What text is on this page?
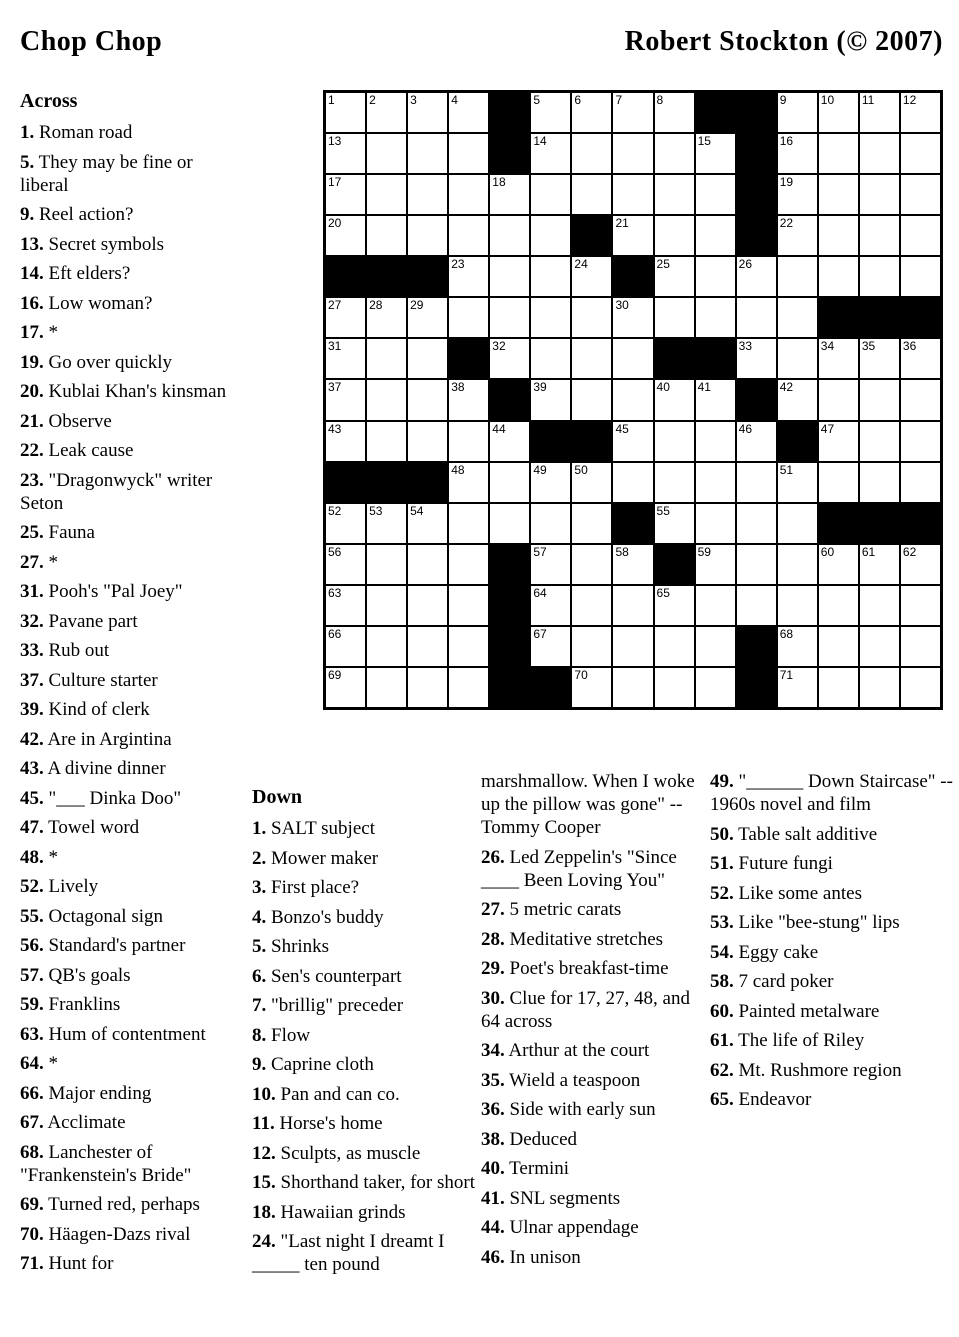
Chop Chop	Robert Stockton (© 2007)
1	2	3	4	5	6	7	8	9	10 11 12
13	14	15	16
17	18	19
20	21	22
23	24	25	26
27 28 29	30
31	32	33	34 35 36
37	38	39	40 41	42
43	44	45	46	47
48	49 50	51
52 53 54	55
56	57	58	59	60 61 62
63	64	65
66	67	68
69	70	71

Across

1. Roman road

5. They may be fine or liberal

9. Reel action?

13. Secret symbols

14. Eft elders?

16. Low woman?

17. *

19. Go over quickly

20. Kublai Khan's kinsman

21. Observe

22. Leak cause

23. "Dragonwyck" writer Seton

25. Fauna

27. *

31. Pooh's "Pal Joey"

32. Pavane part

33. Rub out

37. Culture starter

39. Kind of clerk

42. Are in Argintina

43. A divine dinner

45. "___ Dinka Doo"

47. Towel word

48. *

52. Lively

55. Octagonal sign

56. Standard's partner

57. QB's goals

59. Franklins

63. Hum of contentment

64. *

66. Major ending

67. Acclimate

68. Lanchester of "Frankenstein's Bride"

69. Turned red, perhaps

70. Häagen-Dazs rival

71. Hunt for

Down

1. SALT subject

2. Mower maker

3. First place?

4. Bonzo's buddy

5. Shrinks

6. Sen's counterpart

7. "brillig" preceder

8. Flow

9. Caprine cloth

10. Pan and can co.

11. Horse's home

12. Sculpts, as muscle

15. Shorthand taker, for short

18. Hawaiian grinds

24. "Last night I dreamt I _____ ten pound

marshmallow. When I woke up the pillow was gone" -- Tommy Cooper

26. Led Zeppelin's "Since ____ Been Loving You"

27. 5 metric carats

28. Meditative stretches

29. Poet's breakfast-time

30. Clue for 17, 27, 48, and 64 across

34. Arthur at the court

35. Wield a teaspoon

36. Side with early sun

38. Deduced

40. Termini

41. SNL segments

44. Ulnar appendage

46. In unison

49. "______ Down Staircase" -- 1960s novel and film

50. Table salt additive

51. Future fungi

52. Like some antes

53. Like "bee-stung" lips

54. Eggy cake

58. 7 card poker

60. Painted metalware

61. The life of Riley

62. Mt. Rushmore region

65. Endeavor
